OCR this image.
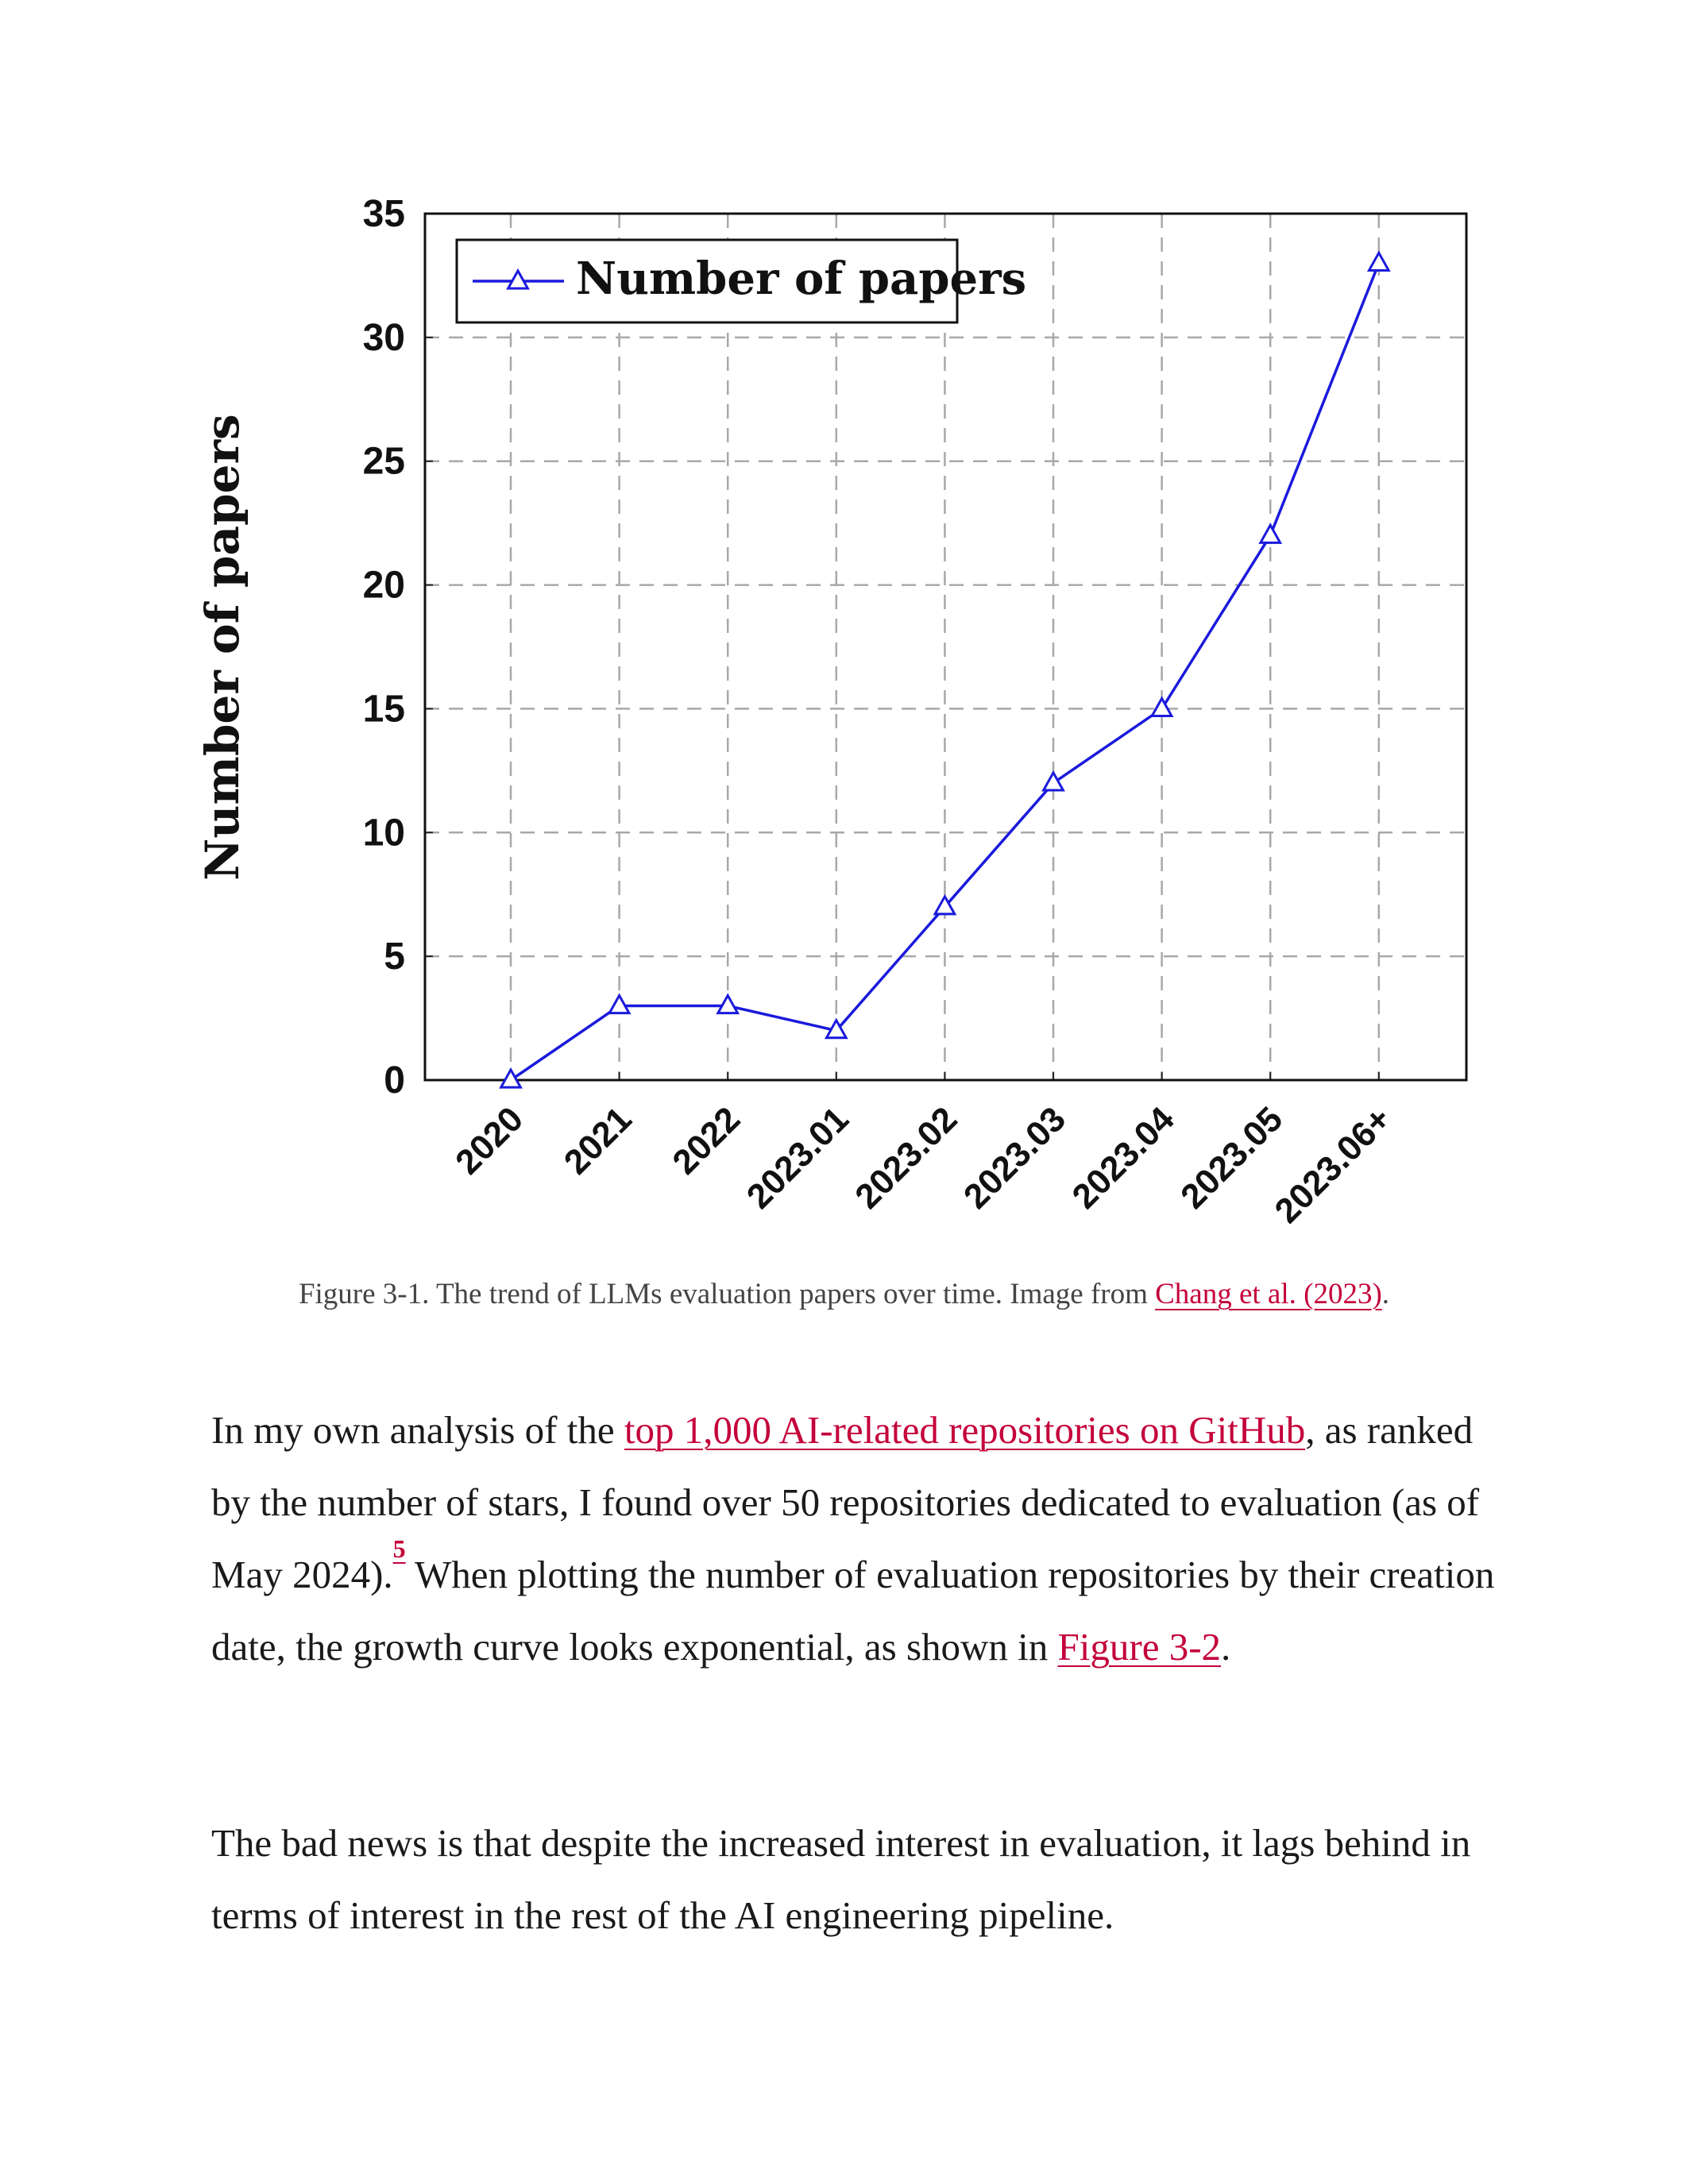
0
5
10
15
20
25
30
35
2020 2021 2022
2023.01
2023.02
2023.03
2023.04
2023.05
2023.06+
Number of papers
Number of papers
Figure 3-1. The trend of LLMs evaluation papers over time. Image from Chang et al. (2023).

In my own analysis of the top 1,000 AI-related repositories on GitHub, as ranked by the number of stars, I found over 50 repositories dedicated to evaluation (as of May 2024).$^5$ When plotting the number of evaluation repositories by their creation date, the growth curve looks exponential, as shown in Figure 3-2.

The bad news is that despite the increased interest in evaluation, it lags behind in terms of interest in the rest of the AI engineering pipeline.
